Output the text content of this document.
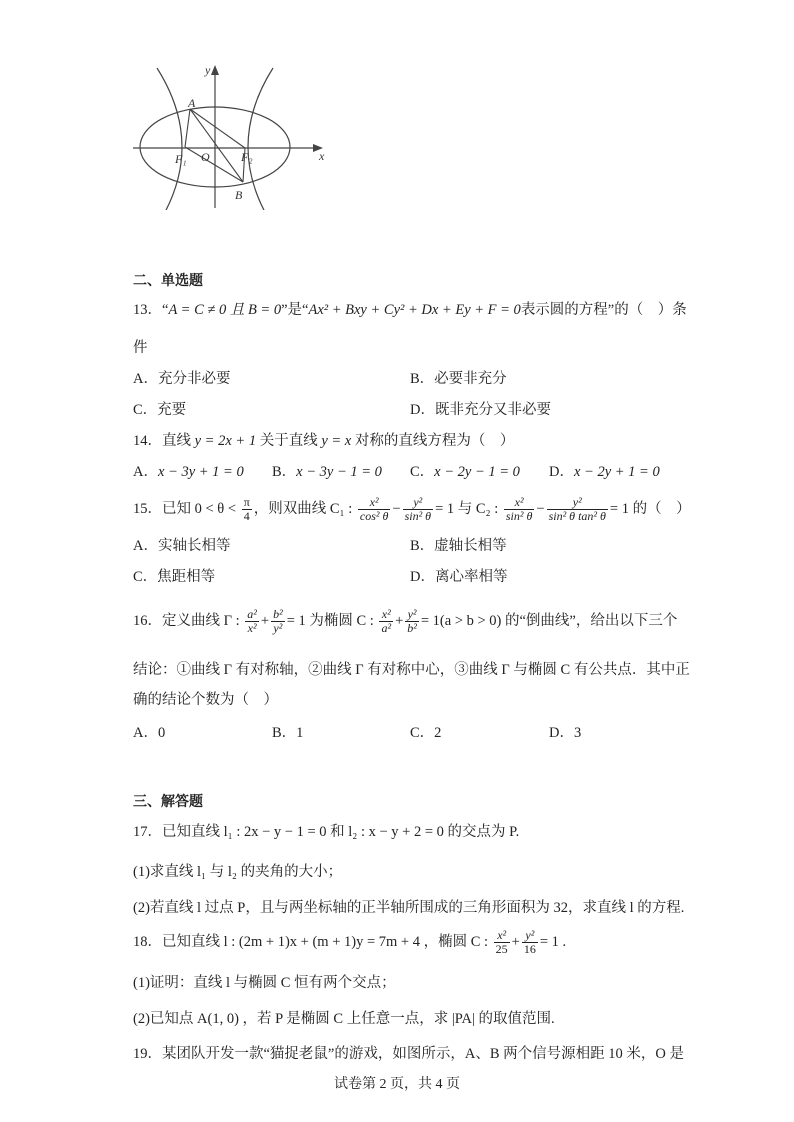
y
x
A
O
F₁	F₂
B
二、单选题
13．“A = C ≠ 0 且 B = 0”是“Ax² + Bxy + Cy² + Dx + Ey + F = 0表示圆的方程”的（　）条
件
A．充分非必要	B．必要非充分
C．充要	D．既非充分又非必要
14．直线 y = 2x + 1 关于直线 y = x 对称的直线方程为（　）
A．x − 3y + 1 = 0 B．x − 3y − 1 = 0 C．x − 2y − 1 = 0 D．x − 2y + 1 = 0
15．已知 $0 < \theta < \frac{\pi}{4}$ ，则双曲线 C₁ : $\frac{\text{x²}}{\text{cos² θ}} - \frac{\text{y²}}{\text{sin² θ}} = 1$ 与 C₂ : $\frac{\text{x²}}{\text{sin² θ}} - \frac{\text{y²}}{\text{sin² θ tan² θ}} = 1$ 的（　）
A．实轴长相等	B．虚轴长相等
C．焦距相等	D．离心率相等
16．定义曲线 Γ : $\frac{\text{a²}}{\text{x²}} + \frac{\text{b²}}{\text{y²}} = 1$ 为椭圆 C : $\frac{\text{x²}}{\text{a²}} + \frac{\text{y²}}{\text{b²}} = 1(a > b > 0)$ 的“倒曲线”，给出以下三个
结论：①曲线 Γ 有对称轴，②曲线 Γ 有对称中心，③曲线 Γ 与椭圆 C 有公共点．其中正
确的结论个数为（　）
A．0	B．1	C．2	D．3
三、解答题
17．已知直线 l₁ : 2x − y − 1 = 0 和 l₂ : x − y + 2 = 0 的交点为 P.
(1)求直线 l₁ 与 l₂ 的夹角的大小；
(2)若直线 l 过点 P，且与两坐标轴的正半轴所围成的三角形面积为 32，求直线 l 的方程.
18．已知直线 l : (2m + 1)x + (m + 1)y = 7m + 4 ，椭圆 C : $\frac{\text{x²}}{25} + \frac{\text{y²}}{16} = 1$ .
(1)证明：直线 l 与椭圆 C 恒有两个交点；
(2)已知点 A(1, 0) ，若 P 是椭圆 C 上任意一点，求 |PA| 的取值范围.
19．某团队开发一款“猫捉老鼠”的游戏，如图所示，A、B 两个信号源相距 10 米，O 是
试卷第 2 页，共 4 页
